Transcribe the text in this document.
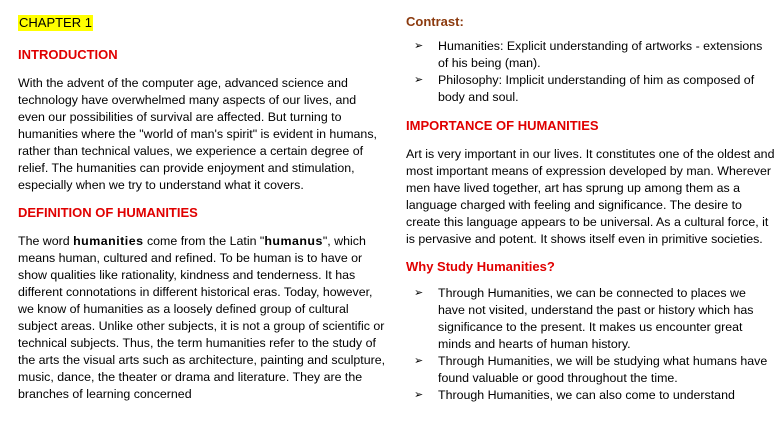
CHAPTER 1
INTRODUCTION

With the advent of the computer age, advanced science and technology have overwhelmed many aspects of our lives, and even our possibilities of survival are affected. But turning to humanities where the "world of man's spirit" is evident in humans, rather than technical values, we experience a certain degree of relief. The humanities can provide enjoyment and stimulation, especially when we try to understand what it covers.

DEFINITION OF HUMANITIES

The word humanities come from the Latin "humanus", which means human, cultured and refined. To be human is to have or show qualities like rationality, kindness and tenderness. It has different connotations in different historical eras. Today, however, we know of humanities as a loosely defined group of cultural subject areas. Unlike other subjects, it is not a group of scientific or technical subjects. Thus, the term humanities refer to the study of the arts the visual arts such as architecture, painting and sculpture, music, dance, the theater or drama and literature. They are the branches of learning concerned

Contrast:
➢ Humanities: Explicit understanding of artworks - extensions of his being (man).
➢ Philosophy: Implicit understanding of him as composed of body and soul.
IMPORTANCE OF HUMANITIES

Art is very important in our lives. It constitutes one of the oldest and most important means of expression developed by man. Wherever men have lived together, art has sprung up among them as a language charged with feeling and significance. The desire to create this language appears to be universal. As a cultural force, it is pervasive and potent. It shows itself even in primitive societies.

Why Study Humanities?
➢ Through Humanities, we can be connected to places we have not visited, understand the past or history which has significance to the present. It makes us encounter great minds and hearts of human history.
➢ Through Humanities, we will be studying what humans have found valuable or good throughout the time.
➢ Through Humanities, we can also come to understand
